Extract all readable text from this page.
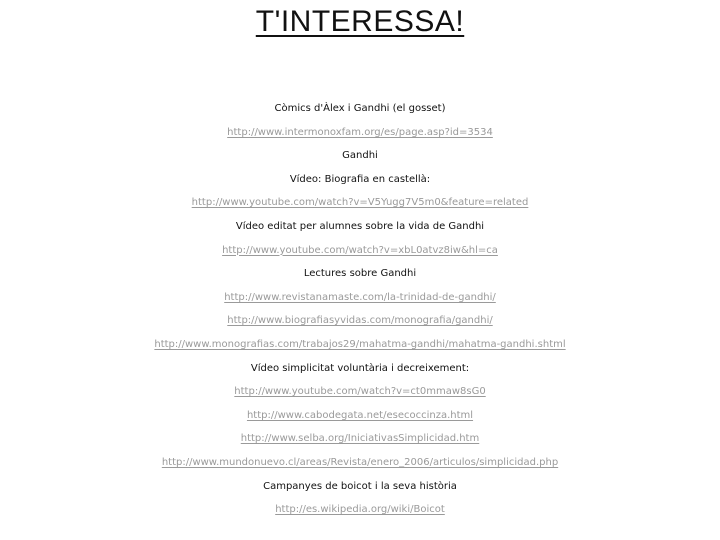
T'INTERESSA!
Còmics d'Àlex i Gandhi (el gosset)
http://www.intermonoxfam.org/es/page.asp?id=3534
Gandhi
Vídeo: Biografia en castellà:
http://www.youtube.com/watch?v=V5Yugg7V5m0&feature=related
Vídeo editat per alumnes sobre la vida de Gandhi
http://www.youtube.com/watch?v=xbL0atvz8iw&hl=ca
Lectures sobre Gandhi
http://www.revistanamaste.com/la-trinidad-de-gandhi/
http://www.biografiasyvidas.com/monografia/gandhi/
http://www.monografias.com/trabajos29/mahatma-gandhi/mahatma-gandhi.shtml
Vídeo simplicitat voluntària i decreixement:
http://www.youtube.com/watch?v=ct0mmaw8sG0
http://www.cabodegata.net/esecoccinza.html
http://www.selba.org/IniciativasSimplicidad.htm
http://www.mundonuevo.cl/areas/Revista/enero_2006/articulos/simplicidad.php
Campanyes de boicot i la seva història
http://es.wikipedia.org/wiki/Boicot
